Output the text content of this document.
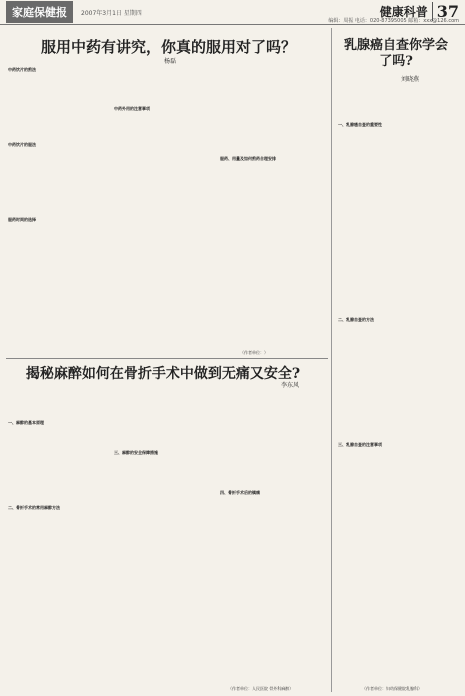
家庭保健报	2007年3月1日 星期四	健康科普 37
编辑：周振 电话：020-87395005 邮箱：xxx@126.com
服用中药有讲究，你真的服用对了吗？
杨磊
中药饮片的煎法
中药饮片的服法
服药时间的选择
中药外用的注意事项
服药、用量及如何煎药合理安排
（作者单位：）
揭秘麻醉如何在骨折手术中做到无痛又安全?
李东风
一、麻醉的基本原理
二、骨折手术的常用麻醉方法
三、麻醉的安全保障措施
四、骨折手术后的镇痛
（作者单位：人民医院 骨外科麻醉）
乳腺癌自查你学会了吗?
刘晓燕
一、乳腺癌自查的重要性
二、乳腺自查的方法
三、乳腺自查的注意事项
（作者单位：妇幼保健院乳腺科）
